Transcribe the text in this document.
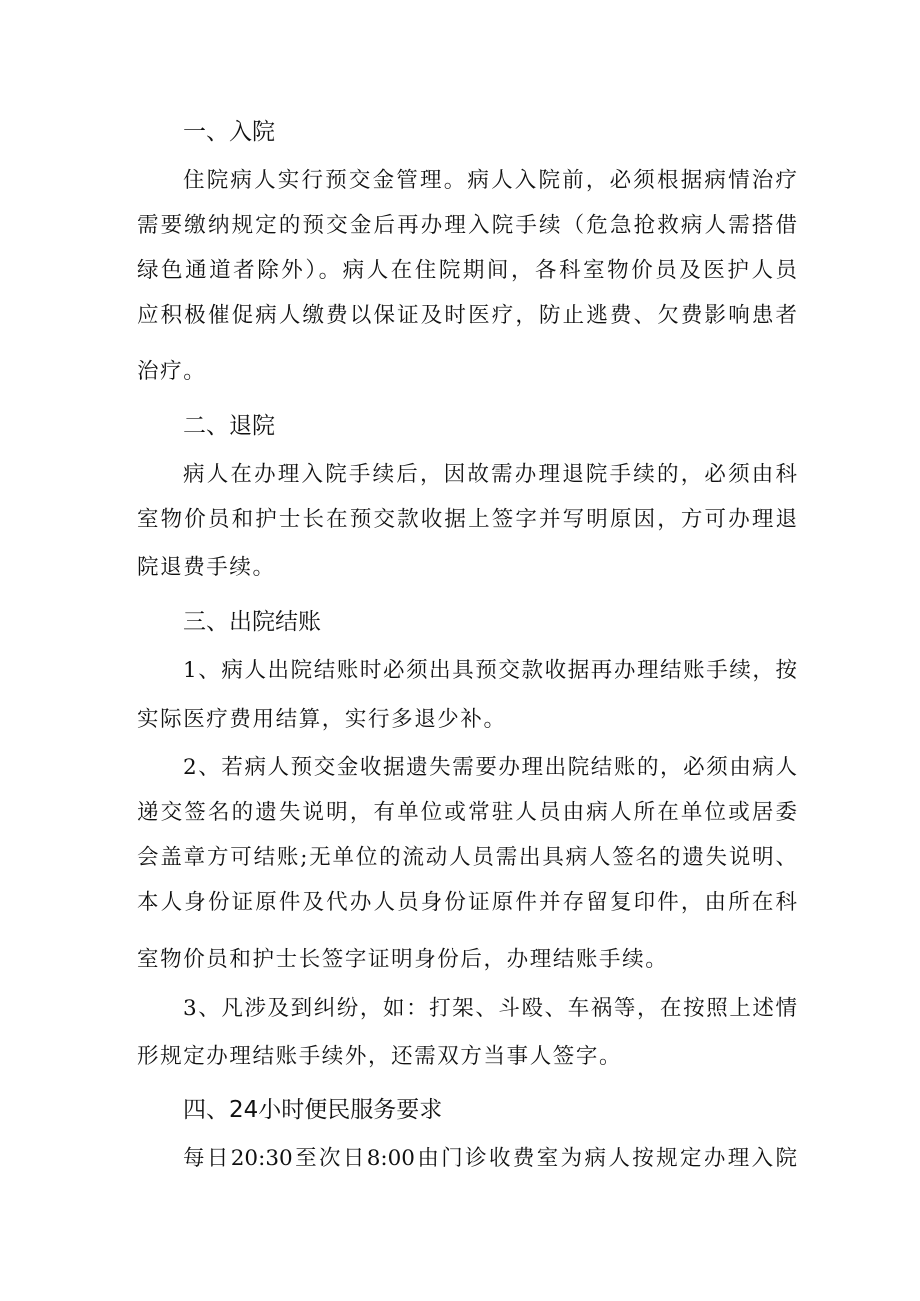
一、入院
住院病人实行预交金管理。病人入院前，必须根据病情治疗
需要缴纳规定的预交金后再办理入院手续（危急抢救病人需搭借
绿色通道者除外）。病人在住院期间，各科室物价员及医护人员
应积极催促病人缴费以保证及时医疗，防止逃费、欠费影响患者
治疗。
二、退院
病人在办理入院手续后，因故需办理退院手续的，必须由科
室物价员和护士长在预交款收据上签字并写明原因，方可办理退
院退费手续。
三、出院结账
1、病人出院结账时必须出具预交款收据再办理结账手续，按
实际医疗费用结算，实行多退少补。
2、若病人预交金收据遗失需要办理出院结账的，必须由病人
递交签名的遗失说明，有单位或常驻人员由病人所在单位或居委
会盖章方可结账;无单位的流动人员需出具病人签名的遗失说明、
本人身份证原件及代办人员身份证原件并存留复印件，由所在科
室物价员和护士长签字证明身份后，办理结账手续。
3、凡涉及到纠纷，如：打架、斗殴、车祸等，在按照上述情
形规定办理结账手续外，还需双方当事人签字。
四、24小时便民服务要求
每日20:30至次日8:00由门诊收费室为病人按规定办理入院
